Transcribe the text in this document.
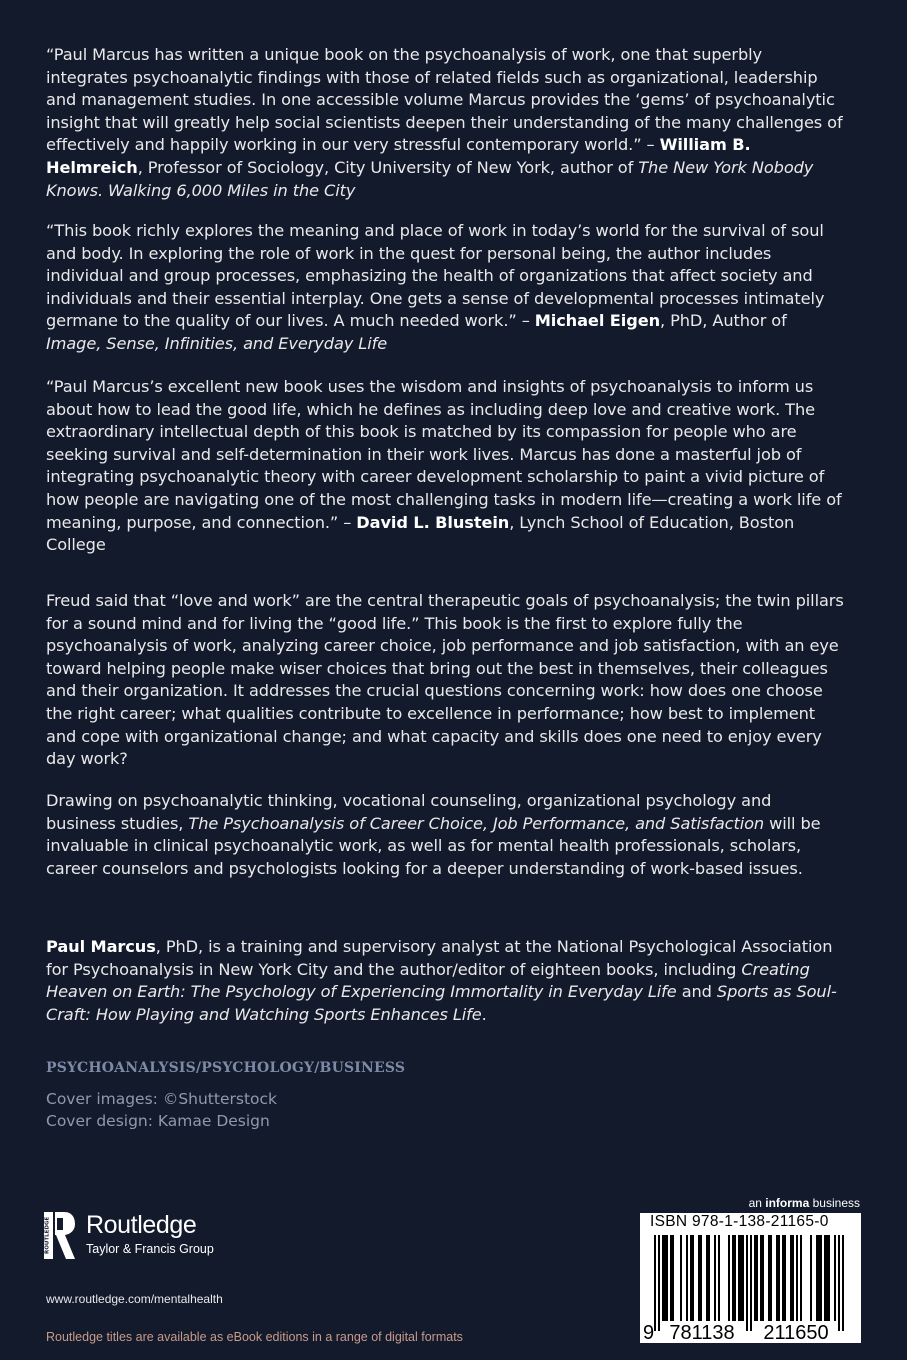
“Paul Marcus has written a unique book on the psychoanalysis of work, one that superbly integrates psychoanalytic findings with those of related fields such as organizational, leadership and management studies. In one accessible volume Marcus provides the ‘gems’ of psychoanalytic insight that will greatly help social scientists deepen their understanding of the many challenges of effectively and happily working in our very stressful contemporary world.” – William B. Helmreich, Professor of Sociology, City University of New York, author of The New York Nobody Knows. Walking 6,000 Miles in the City

“This book richly explores the meaning and place of work in today’s world for the survival of soul and body. In exploring the role of work in the quest for personal being, the author includes individual and group processes, emphasizing the health of organizations that affect society and individuals and their essential interplay. One gets a sense of developmental processes intimately germane to the quality of our lives. A much needed work.” – Michael Eigen, PhD, Author of Image, Sense, Infinities, and Everyday Life

“Paul Marcus’s excellent new book uses the wisdom and insights of psychoanalysis to inform us about how to lead the good life, which he defines as including deep love and creative work. The extraordinary intellectual depth of this book is matched by its compassion for people who are seeking survival and self-determination in their work lives. Marcus has done a masterful job of integrating psychoanalytic theory with career development scholarship to paint a vivid picture of how people are navigating one of the most challenging tasks in modern life—creating a work life of meaning, purpose, and connection.” – David L. Blustein, Lynch School of Education, Boston College

Freud said that “love and work” are the central therapeutic goals of psychoanalysis; the twin pillars for a sound mind and for living the “good life.” This book is the first to explore fully the psychoanalysis of work, analyzing career choice, job performance and job satisfaction, with an eye toward helping people make wiser choices that bring out the best in themselves, their colleagues and their organization. It addresses the crucial questions concerning work: how does one choose the right career; what qualities contribute to excellence in performance; how best to implement and cope with organizational change; and what capacity and skills does one need to enjoy every day work?

Drawing on psychoanalytic thinking, vocational counseling, organizational psychology and business studies, The Psychoanalysis of Career Choice, Job Performance, and Satisfaction will be invaluable in clinical psychoanalytic work, as well as for mental health professionals, scholars, career counselors and psychologists looking for a deeper understanding of work-based issues.

Paul Marcus, PhD, is a training and supervisory analyst at the National Psychological Association for Psychoanalysis in New York City and the author/editor of eighteen books, including Creating Heaven on Earth: The Psychology of Experiencing Immortality in Everyday Life and Sports as Soul-Craft: How Playing and Watching Sports Enhances Life.

PSYCHOANALYSIS/PSYCHOLOGY/BUSINESS
Cover images: ©Shutterstock
Cover design: Kamae Design
ROUTLEDGE Routledge
Taylor & Francis Group
www.routledge.com/mentalhealth
Routledge titles are available as eBook editions in a range of digital formats
an informa business
9 781138 211650
ISBN 978-1-138-21165-0
